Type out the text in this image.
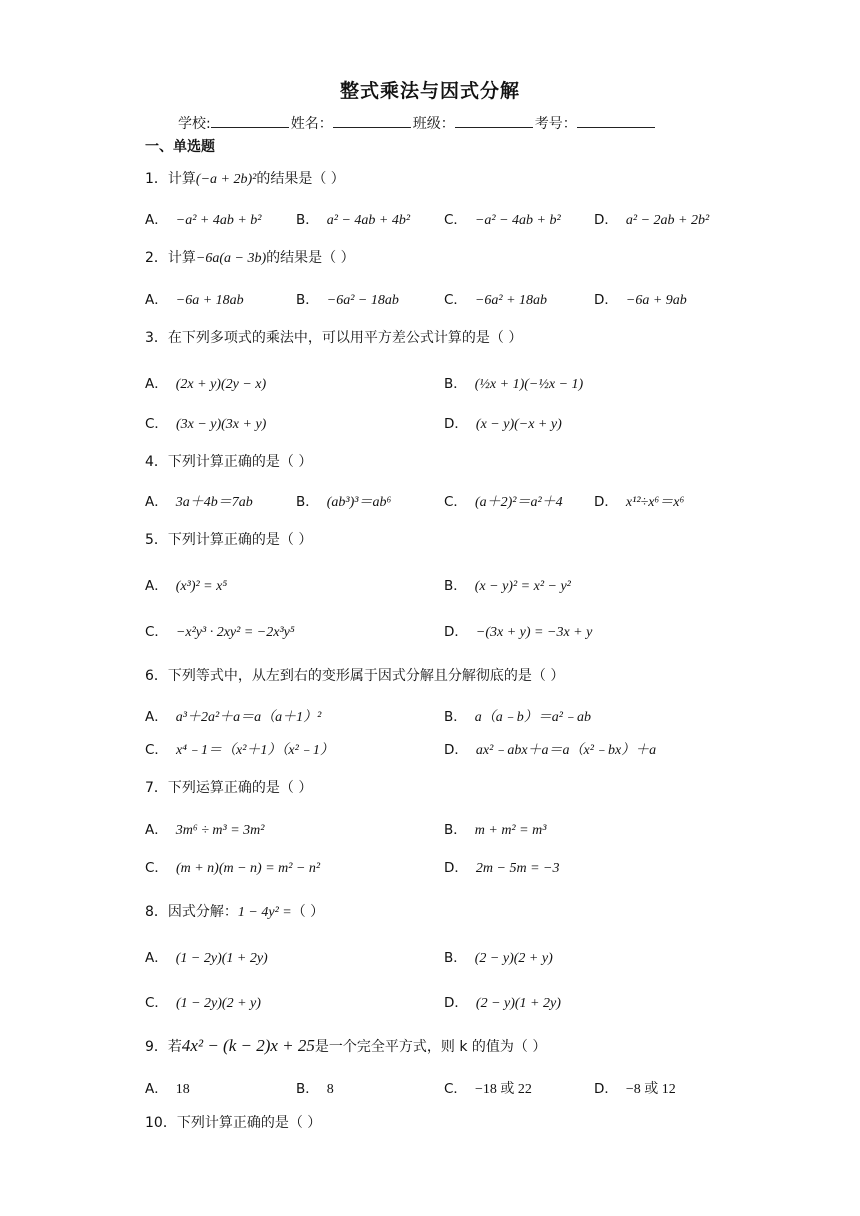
整式乘法与因式分解
学校:	姓名：	班级：	考号：
一、单选题
1．计算(−a + 2b)²的结果是（ ）
A． −a² + 4ab + b²	B． a² − 4ab + 4b²	C． −a² − 4ab + b² D． a² − 2ab + 2b²
2．计算−6a(a − 3b)的结果是（ ）
A． −6a + 18ab	B． −6a² − 18ab	C． −6a² + 18ab	D． −6a + 9ab
3．在下列多项式的乘法中，可以用平方差公式计算的是（ ）
A． (2x + y)(2y − x)	B． (½x + 1)(−½x − 1)
C． (3x − y)(3x + y)	D． (x − y)(−x + y)
4．下列计算正确的是（ ）
A． 3a＋4b＝7ab	B． (ab³)³＝ab⁶	C． (a＋2)²＝a²＋4 D． x¹²÷x⁶＝x⁶
5．下列计算正确的是（ ）
A． (x³)² = x⁵	B． (x − y)² = x² − y²
C． −x²y³ · 2xy² = −2x³y⁵	D． −(3x + y) = −3x + y
6．下列等式中，从左到右的变形属于因式分解且分解彻底的是（ ）
A． a³＋2a²＋a＝a（a＋1）²	B． a（a﹣b）＝a²﹣ab
C． x⁴﹣1＝（x²＋1）（x²﹣1）	D． ax²﹣abx＋a＝a（x²﹣bx）＋a
7．下列运算正确的是（ ）
A． 3m⁶ ÷ m³ = 3m²	B． m + m² = m³
C． (m + n)(m − n) = m² − n²	D． 2m − 5m = −3
8．因式分解：1 − 4y² =（ ）
A． (1 − 2y)(1 + 2y)	B． (2 − y)(2 + y)
C． (1 − 2y)(2 + y)	D． (2 − y)(1 + 2y)
9．若4x² − (k − 2)x + 25是一个完全平方式，则 k 的值为（ ）
A． 18	B． 8	C． −18 或 22	D． −8 或 12
10．下列计算正确的是（ ）
